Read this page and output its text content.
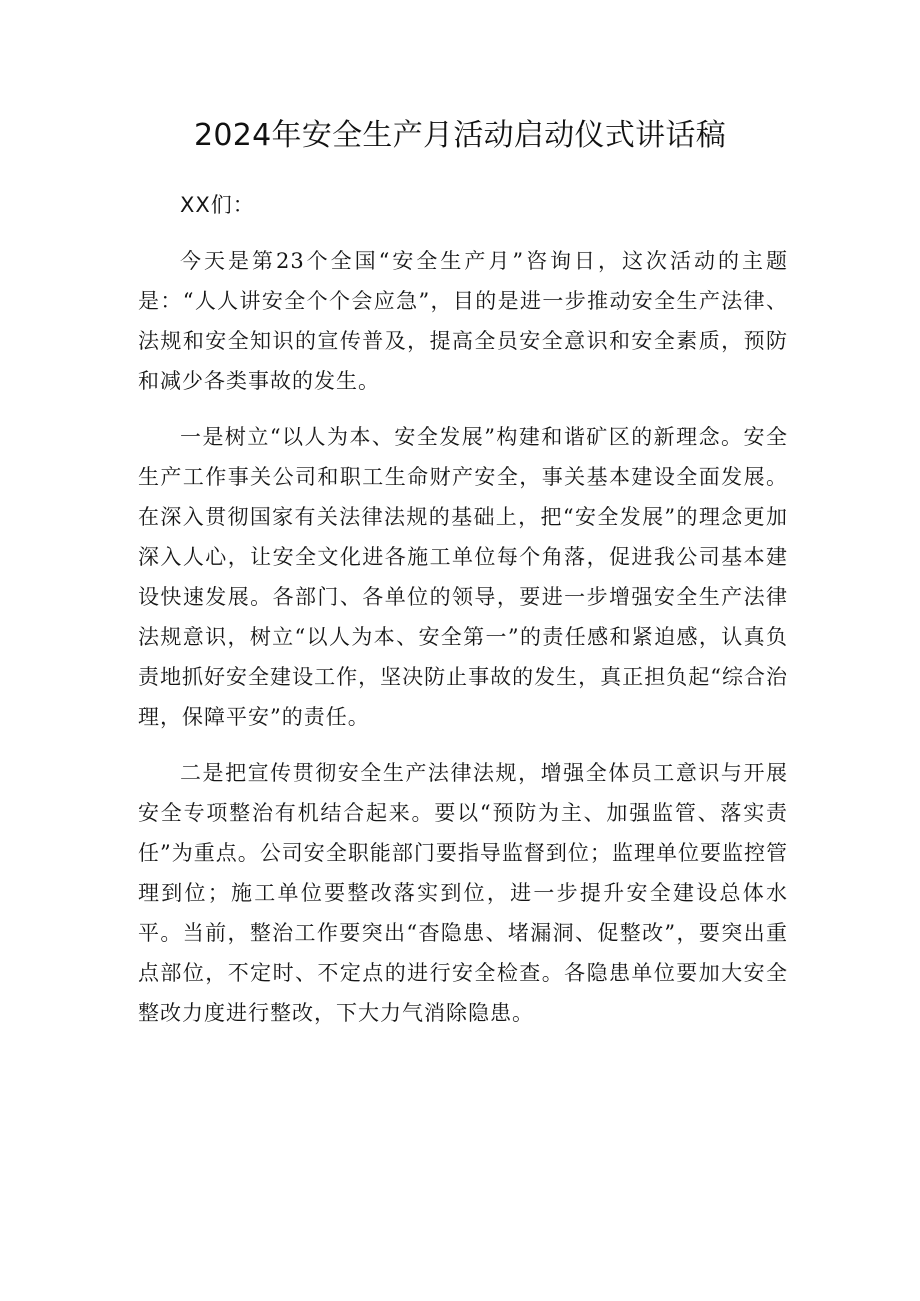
2024年安全生产月活动启动仪式讲话稿

XX们：

今天是第23个全国“安全生产月”咨询日，这次活动的主题是：“人人讲安全个个会应急”，目的是进一步推动安全生产法律、法规和安全知识的宣传普及，提高全员安全意识和安全素质，预防和减少各类事故的发生。

一是树立“以人为本、安全发展”构建和谐矿区的新理念。安全生产工作事关公司和职工生命财产安全，事关基本建设全面发展。在深入贯彻国家有关法律法规的基础上，把“安全发展”的理念更加深入人心，让安全文化进各施工单位每个角落，促进我公司基本建设快速发展。各部门、各单位的领导，要进一步增强安全生产法律法规意识，树立“以人为本、安全第一”的责任感和紧迫感，认真负责地抓好安全建设工作，坚决防止事故的发生，真正担负起“综合治理，保障平安”的责任。

二是把宣传贯彻安全生产法律法规，增强全体员工意识与开展安全专项整治有机结合起来。要以“预防为主、加强监管、落实责任”为重点。公司安全职能部门要指导监督到位；监理单位要监控管理到位；施工单位要整改落实到位，进一步提升安全建设总体水平。当前，整治工作要突出“杳隐患、堵漏洞、促整改”，要突出重点部位，不定时、不定点的进行安全检查。各隐患单位要加大安全整改力度进行整改，下大力气消除隐患。
